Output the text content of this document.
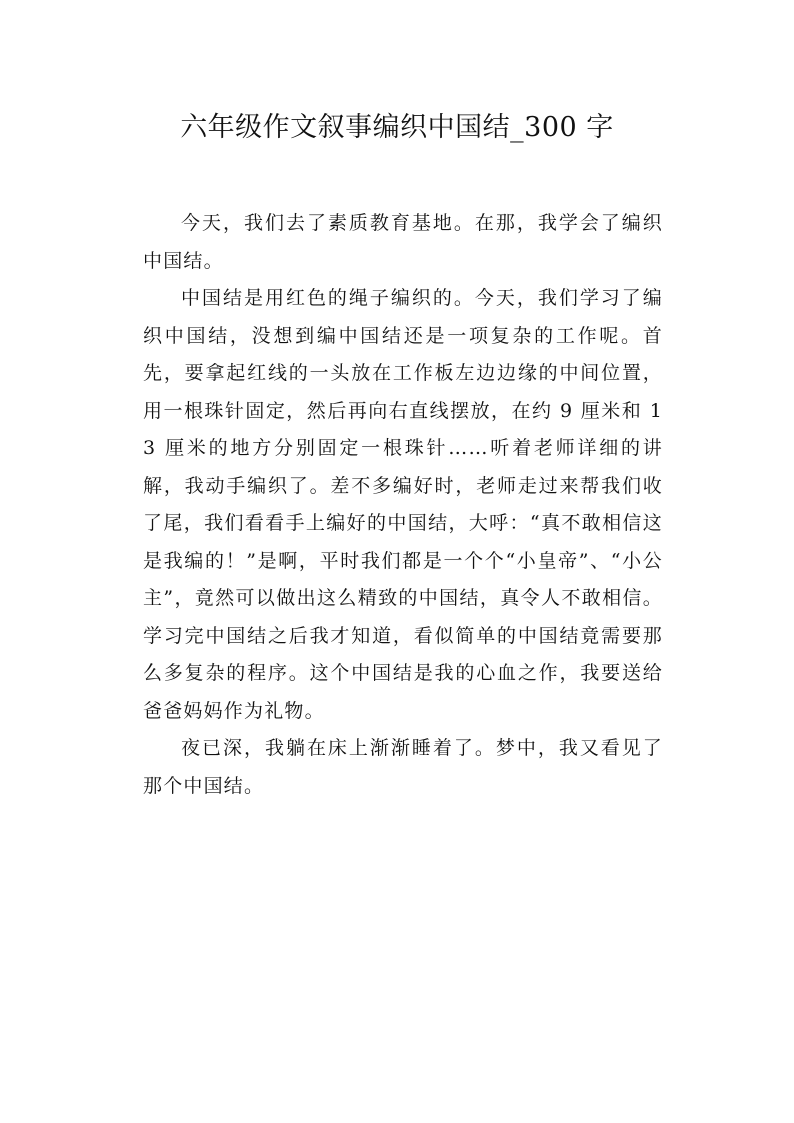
六年级作文叙事编织中国结_300 字

今天，我们去了素质教育基地。在那，我学会了编织中国结。

中国结是用红色的绳子编织的。今天，我们学习了编织中国结，没想到编中国结还是一项复杂的工作呢。首先，要拿起红线的一头放在工作板左边边缘的中间位置，用一根珠针固定，然后再向右直线摆放，在约 9 厘米和 13 厘米的地方分别固定一根珠针……听着老师详细的讲解，我动手编织了。差不多编好时，老师走过来帮我们收了尾，我们看看手上编好的中国结，大呼：“真不敢相信这是我编的！”是啊，平时我们都是一个个“小皇帝”、“小公主”，竟然可以做出这么精致的中国结，真令人不敢相信。学习完中国结之后我才知道，看似简单的中国结竟需要那么多复杂的程序。这个中国结是我的心血之作，我要送给爸爸妈妈作为礼物。

夜已深，我躺在床上渐渐睡着了。梦中，我又看见了那个中国结。
